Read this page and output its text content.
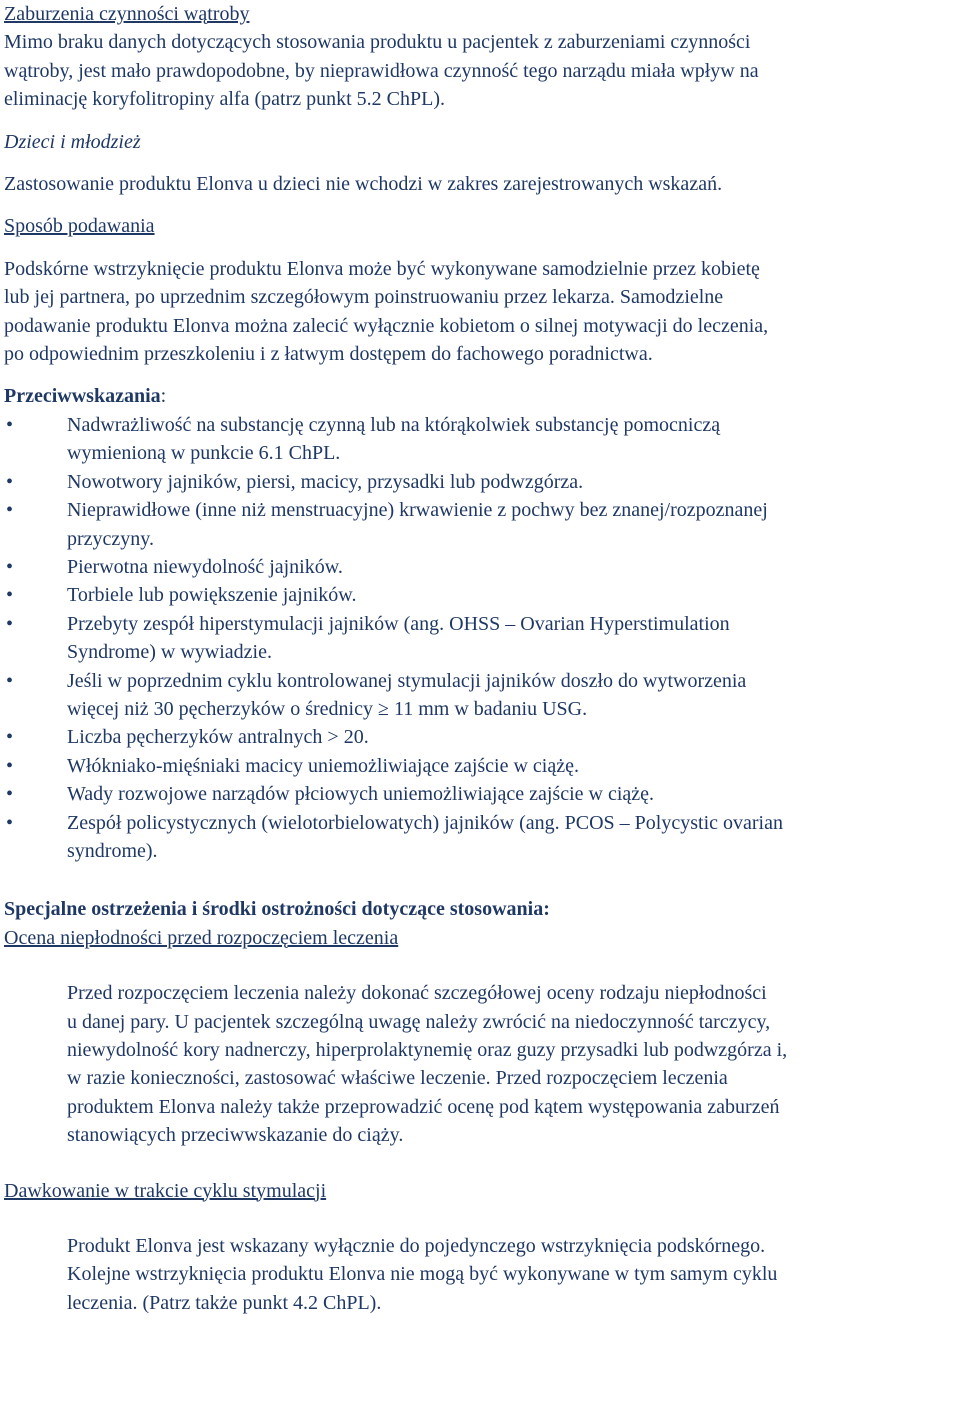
Zaburzenia czynności wątroby

Mimo braku danych dotyczących stosowania produktu u pacjentek z zaburzeniami czynności
wątroby, jest mało prawdopodobne, by nieprawidłowa czynność tego narządu miała wpływ na
eliminację koryfolitropiny alfa (patrz punkt 5.2 ChPL).

Dzieci i młodzież
Zastosowanie produktu Elonva u dzieci nie wchodzi w zakres zarejestrowanych wskazań.
Sposób podawania

Podskórne wstrzyknięcie produktu Elonva może być wykonywane samodzielnie przez kobietę
lub jej partnera, po uprzednim szczegółowym poinstruowaniu przez lekarza. Samodzielne
podawanie produktu Elonva można zalecić wyłącznie kobietom o silnej motywacji do leczenia,
po odpowiednim przeszkoleniu i z łatwym dostępem do fachowego poradnictwa.

Przeciwwskazania:
•	Nadwrażliwość na substancję czynną lub na którąkolwiek substancję pomocniczą
wymienioną w punkcie 6.1 ChPL.
•	Nowotwory jajników, piersi, macicy, przysadki lub podwzgórza.
•	Nieprawidłowe (inne niż menstruacyjne) krwawienie z pochwy bez znanej/rozpoznanej
przyczyny.
•	Pierwotna niewydolność jajników.
•	Torbiele lub powiększenie jajników.
•	Przebyty zespół hiperstymulacji jajników (ang. OHSS – Ovarian Hyperstimulation
Syndrome) w wywiadzie.
•	Jeśli w poprzednim cyklu kontrolowanej stymulacji jajników doszło do wytworzenia
więcej niż 30 pęcherzyków o średnicy ≥ 11 mm w badaniu USG.
•	Liczba pęcherzyków antralnych > 20.
•	Włókniako-mięśniaki macicy uniemożliwiające zajście w ciążę.
•	Wady rozwojowe narządów płciowych uniemożliwiające zajście w ciążę.
•	Zespół policystycznych (wielotorbielowatych) jajników (ang. PCOS – Polycystic ovarian
syndrome).
Specjalne ostrzeżenia i środki ostrożności dotyczące stosowania:
Ocena niepłodności przed rozpoczęciem leczenia

Przed rozpoczęciem leczenia należy dokonać szczegółowej oceny rodzaju niepłodności
u danej pary. U pacjentek szczególną uwagę należy zwrócić na niedoczynność tarczycy,
niewydolność kory nadnerczy, hiperprolaktynemię oraz guzy przysadki lub podwzgórza i,
w razie konieczności, zastosować właściwe leczenie. Przed rozpoczęciem leczenia
produktem Elonva należy także przeprowadzić ocenę pod kątem występowania zaburzeń
stanowiących przeciwwskazanie do ciąży.

Dawkowanie w trakcie cyklu stymulacji

Produkt Elonva jest wskazany wyłącznie do pojedynczego wstrzyknięcia podskórnego.
Kolejne wstrzyknięcia produktu Elonva nie mogą być wykonywane w tym samym cyklu
leczenia. (Patrz także punkt 4.2 ChPL).
